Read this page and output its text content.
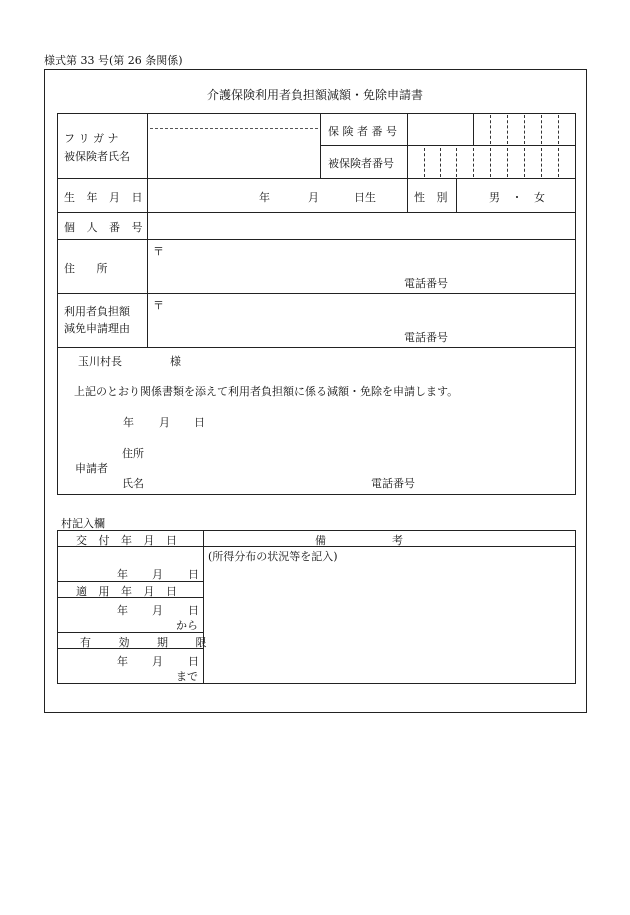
様式第 33 号(第 26 条関係)
介護保険利用者負担額減額・免除申請書
フ リ ガ ナ
被保険者氏名
保 険 者 番 号
被保険者番号
生 年 月 日	年	月	日生	性 別	男 ・ 女
個 人 番 号
住 所
〒
電話番号
利用者負担額
減免申請理由
〒
電話番号
玉川村長	様
上記のとおり関係書類を添えて利用者負担額に係る減額・免除を申請します。
年 月 日
住所
申請者
氏名	電話番号
村記入欄
交 付 年 月 日	備　　　　　　考
(所得分布の状況等を記入)
年 月 日
適 用 年 月 日
年 月 日
から
有 効 期 限
年 月 日
まで
